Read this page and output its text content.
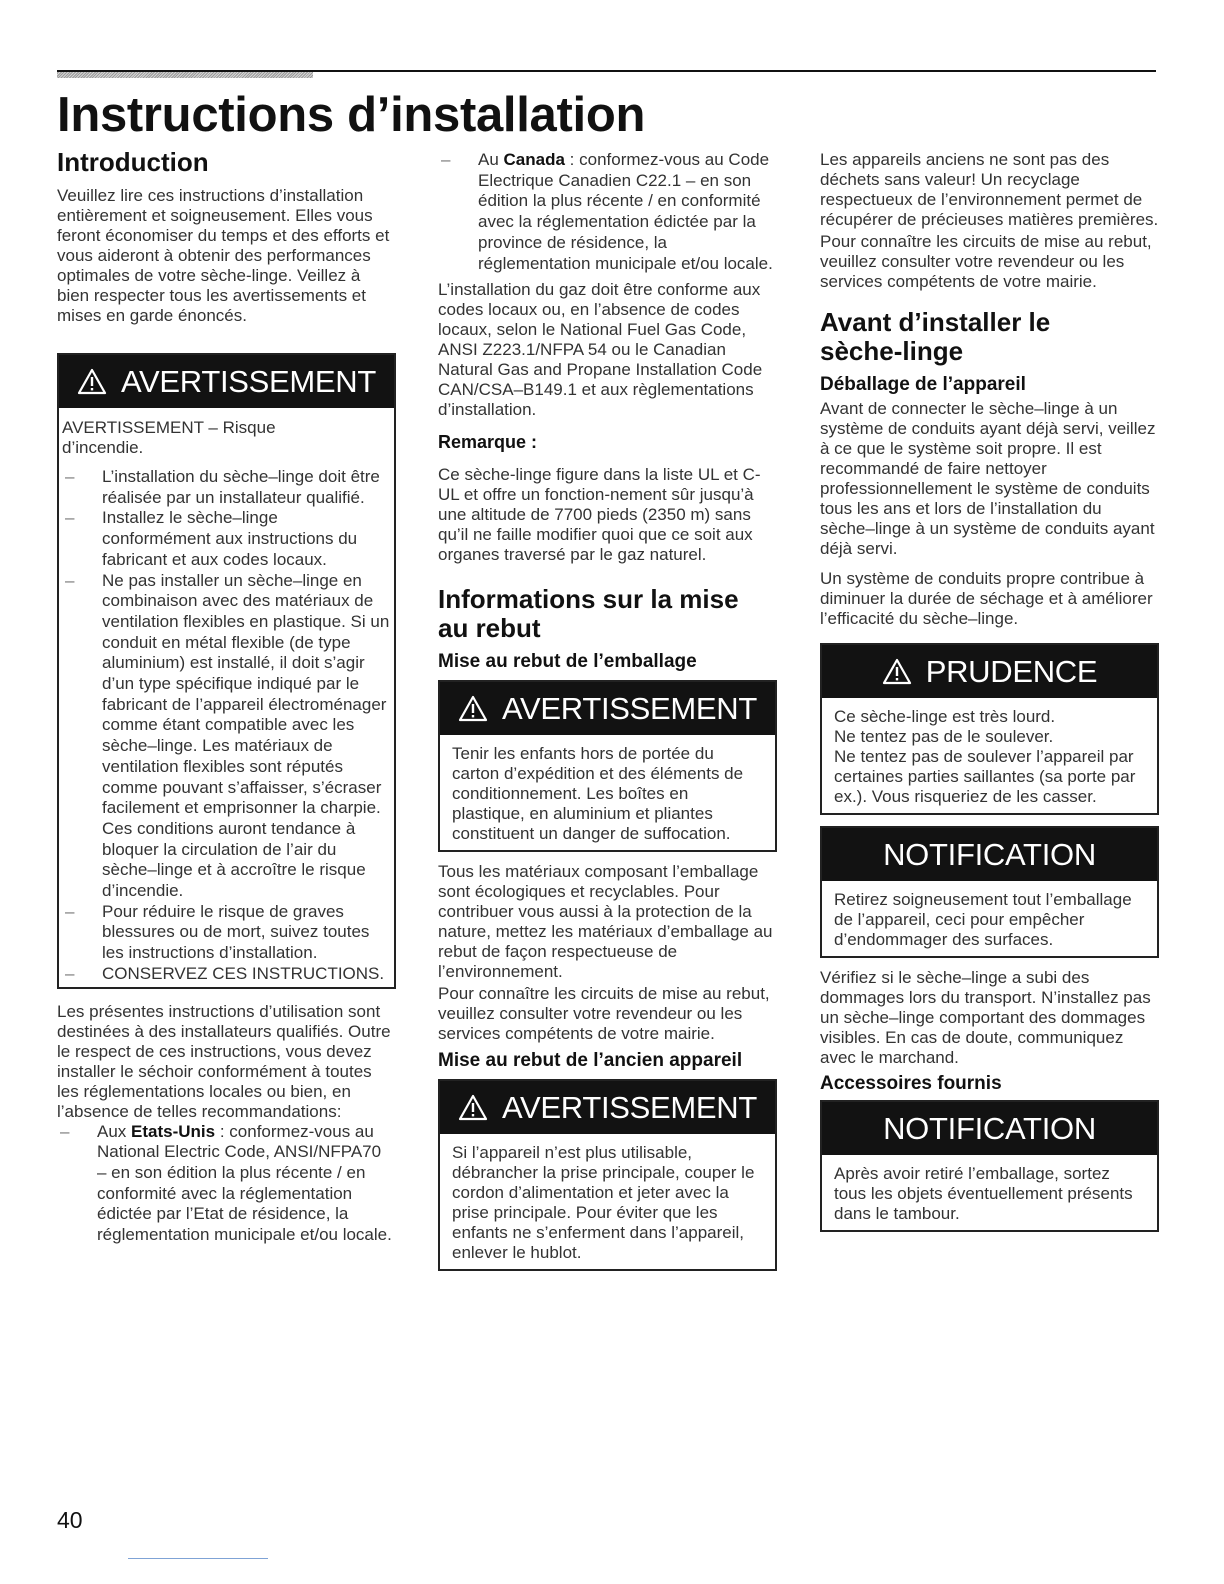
Instructions d’installation
Introduction

Veuillez lire ces instructions d’installation entièrement et soigneusement. Elles vous feront économiser du temps et des efforts et vous aideront à obtenir des performances optimales de votre sèche-linge. Veillez à bien respecter tous les avertissements et mises en garde énoncés.

AVERTISSEMENT

AVERTISSEMENT – Risque d’incendie.

– L’installation du sèche–linge doit être réalisée par un installateur qualifié.
– Installez le sèche–linge conformément aux instructions du fabricant et aux codes locaux.
– Ne pas installer un sèche–linge en combinaison avec des matériaux de ventilation flexibles en plastique. Si un conduit en métal flexible (de type aluminium) est installé, il doit s’agir d’un type spécifique indiqué par le fabricant de l’appareil électroménager comme étant compatible avec les sèche–linge. Les matériaux de ventilation flexibles sont réputés comme pouvant s’affaisser, s’écraser facilement et emprisonner la charpie. Ces conditions auront tendance à bloquer la circulation de l’air du sèche–linge et à accroître le risque d’incendie.
– Pour réduire le risque de graves blessures ou de mort, suivez toutes les instructions d’installation.
– CONSERVEZ CES INSTRUCTIONS.

Les présentes instructions d’utilisation sont destinées à des installateurs qualifiés. Outre le respect de ces instructions, vous devez installer le séchoir conformément à toutes les réglementations locales ou bien, en l’absence de telles recommandations:

– Aux Etats-Unis : conformez-vous au National Electric Code, ANSI/NFPA70 – en son édition la plus récente / en conformité avec la réglementation édictée par l’Etat de résidence, la réglementation municipale et/ou locale.
– Au Canada : conformez-vous au Code Electrique Canadien C22.1 – en son édition la plus récente / en conformité avec la réglementation édictée par la province de résidence, la réglementation municipale et/ou locale.

L’installation du gaz doit être conforme aux codes locaux ou, en l’absence de codes locaux, selon le National Fuel Gas Code, ANSI Z223.1/NFPA 54 ou le Canadian Natural Gas and Propane Installation Code CAN/CSA–B149.1 et aux règlementations d’installation.

Remarque :

Ce sèche-linge figure dans la liste UL et C-UL et offre un fonction-nement sûr jusqu’à une altitude de 7700 pieds (2350 m) sans qu’il ne faille modifier quoi que ce soit aux organes traversé par le gaz naturel.

Informations sur la mise au rebut
Mise au rebut de l’emballage
AVERTISSEMENT

Tenir les enfants hors de portée du carton d’expédition et des éléments de conditionnement. Les boîtes en plastique, en aluminium et pliantes constituent un danger de suffocation.

Tous les matériaux composant l’emballage sont écologiques et recyclables. Pour contribuer vous aussi à la protection de la nature, mettez les matériaux d’emballage au rebut de façon respectueuse de l’environnement.

Pour connaître les circuits de mise au rebut, veuillez consulter votre revendeur ou les services compétents de votre mairie.

Mise au rebut de l’ancien appareil
AVERTISSEMENT

Si l’appareil n’est plus utilisable, débrancher la prise principale, couper le cordon d’alimentation et jeter avec la prise principale. Pour éviter que les enfants ne s’enferment dans l’appareil, enlever le hublot.

Les appareils anciens ne sont pas des déchets sans valeur! Un recyclage respectueux de l’environnement permet de récupérer de précieuses matières premières.

Pour connaître les circuits de mise au rebut, veuillez consulter votre revendeur ou les services compétents de votre mairie.

Avant d’installer le sèche-linge
Déballage de l’appareil

Avant de connecter le sèche–linge à un système de conduits ayant déjà servi, veillez à ce que le système soit propre. Il est recommandé de faire nettoyer professionnellement le système de conduits tous les ans et lors de l’installation du sèche–linge à un système de conduits ayant déjà servi.

Un système de conduits propre contribue à diminuer la durée de séchage et à améliorer l’efficacité du sèche–linge.

PRUDENCE

Ce sèche-linge est très lourd.

Ne tentez pas de le soulever.

Ne tentez pas de soulever l’appareil par certaines parties saillantes (sa porte par ex.). Vous risqueriez de les casser.

NOTIFICATION

Retirez soigneusement tout l’emballage de l’appareil, ceci pour empêcher d’endommager des surfaces.

Vérifiez si le sèche–linge a subi des dommages lors du transport. N’installez pas un sèche–linge comportant des dommages visibles. En cas de doute, communiquez avec le marchand.

Accessoires fournis
NOTIFICATION

Après avoir retiré l’emballage, sortez tous les objets éventuellement présents dans le tambour.

40
